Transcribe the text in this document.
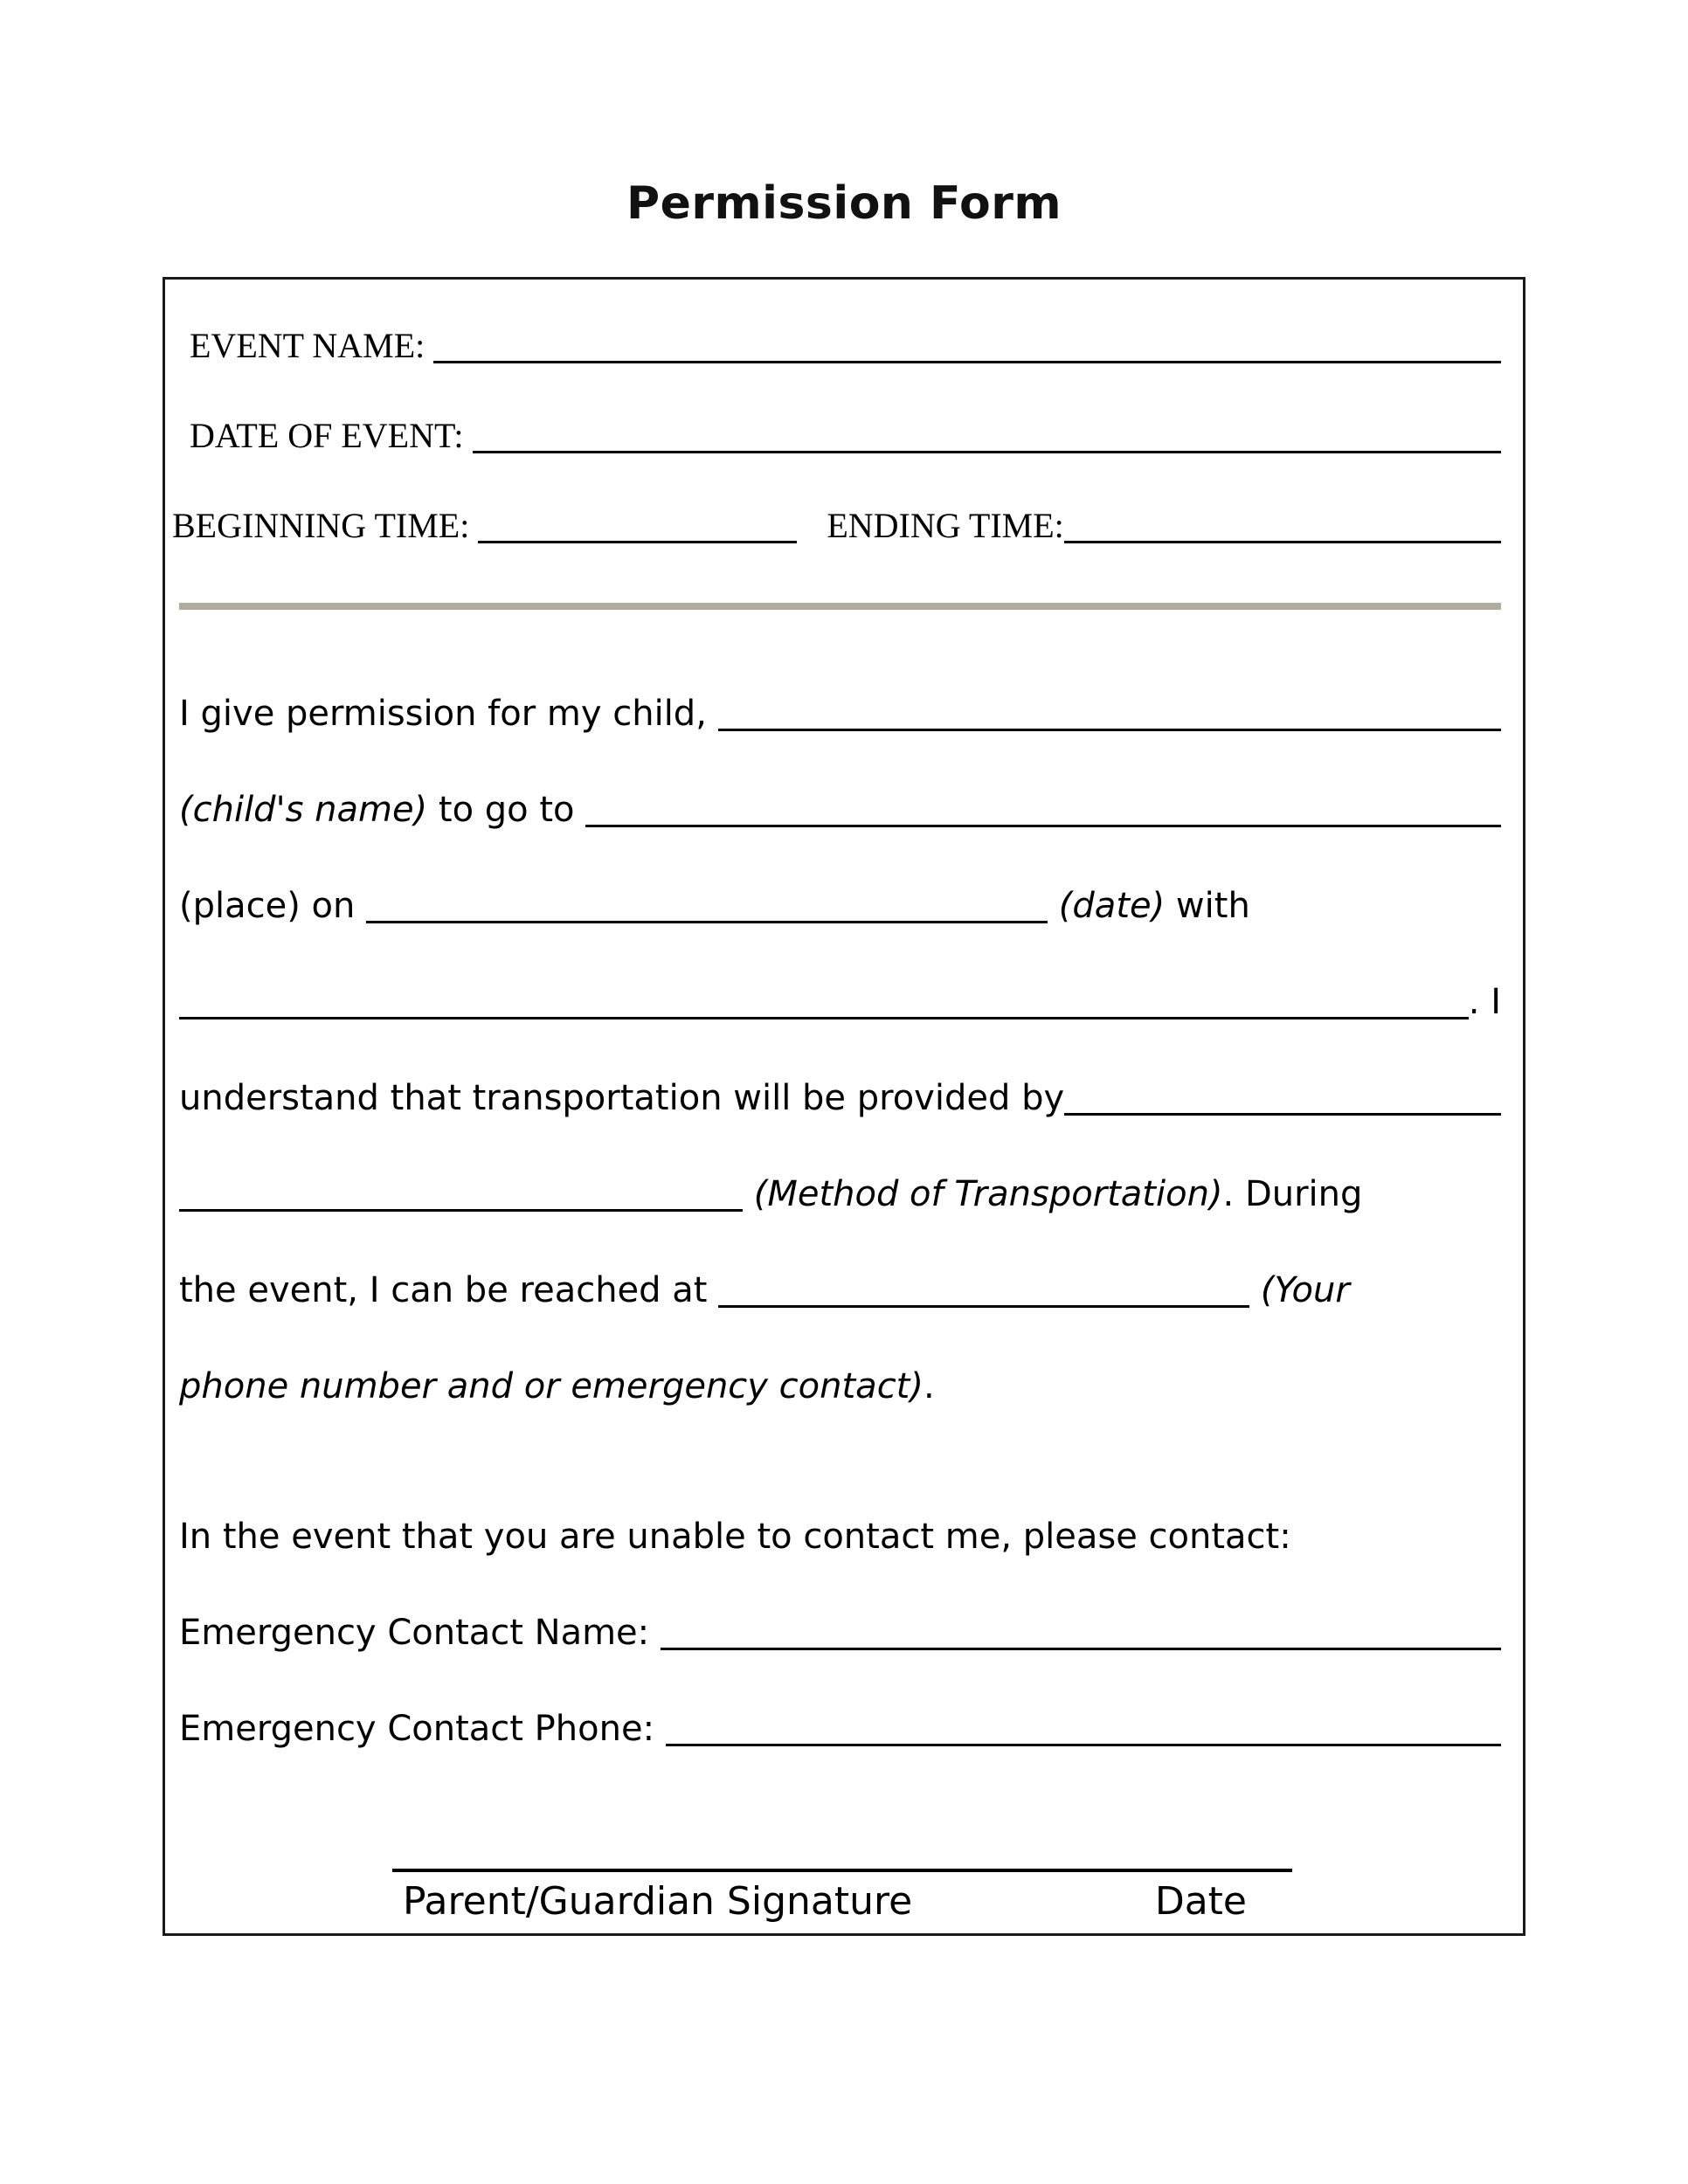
Permission Form
EVENT NAME:
DATE OF EVENT:
BEGINNING TIME:	ENDING TIME:
I give permission for my child,
(child's name) to go to
(place) on	(date) with
. I
understand that transportation will be provided by
(Method of Transportation) . During
the event, I can be reached at	(Your
phone number and or emergency contact) .
In the event that you are unable to contact me, please contact:
Emergency Contact Name:
Emergency Contact Phone:
Parent/Guardian Signature	Date
